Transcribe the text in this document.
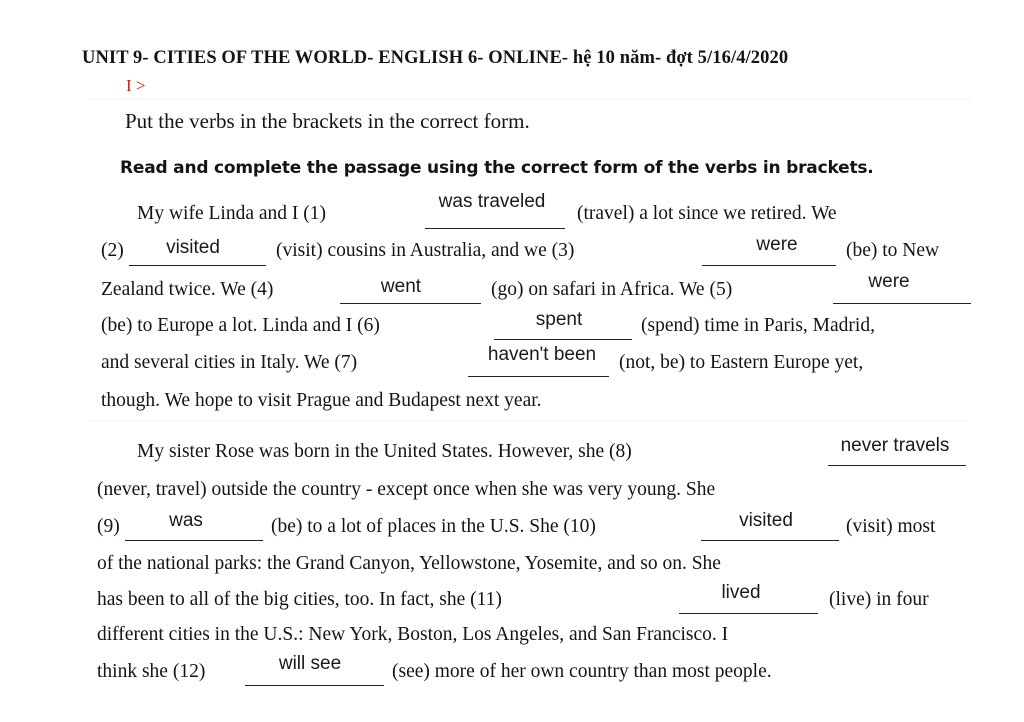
UNIT 9- CITIES OF THE WORLD- ENGLISH 6- ONLINE- hệ 10 năm- đợt 5/16/4/2020
I >
Put the verbs in the brackets in the correct form.
Read and complete the passage using the correct form of the verbs in brackets.
My wife Linda and I (1)
was traveled
(travel) a lot since we retired. We
(2) visited	(visit) cousins in Australia, and we (3)	were (be) to New
Zealand twice. We (4)	went	(go) on safari in Africa. We (5)	were
(be) to Europe a lot. Linda and I (6)	spent	(spend) time in Paris, Madrid,
and several cities in Italy. We (7)	haven't been (not, be) to Eastern Europe yet,
though. We hope to visit Prague and Budapest next year.
My sister Rose was born in the United States. However, she (8)	never travels
(never, travel) outside the country - except once when she was very young. She
(9)	was	(be) to a lot of places in the U.S. She (10)	visited	(visit) most
of the national parks: the Grand Canyon, Yellowstone, Yosemite, and so on. She
has been to all of the big cities, too. In fact, she (11)	lived	(live) in four
different cities in the U.S.: New York, Boston, Los Angeles, and San Francisco. I
think she (12)	will see	(see) more of her own country than most people.
